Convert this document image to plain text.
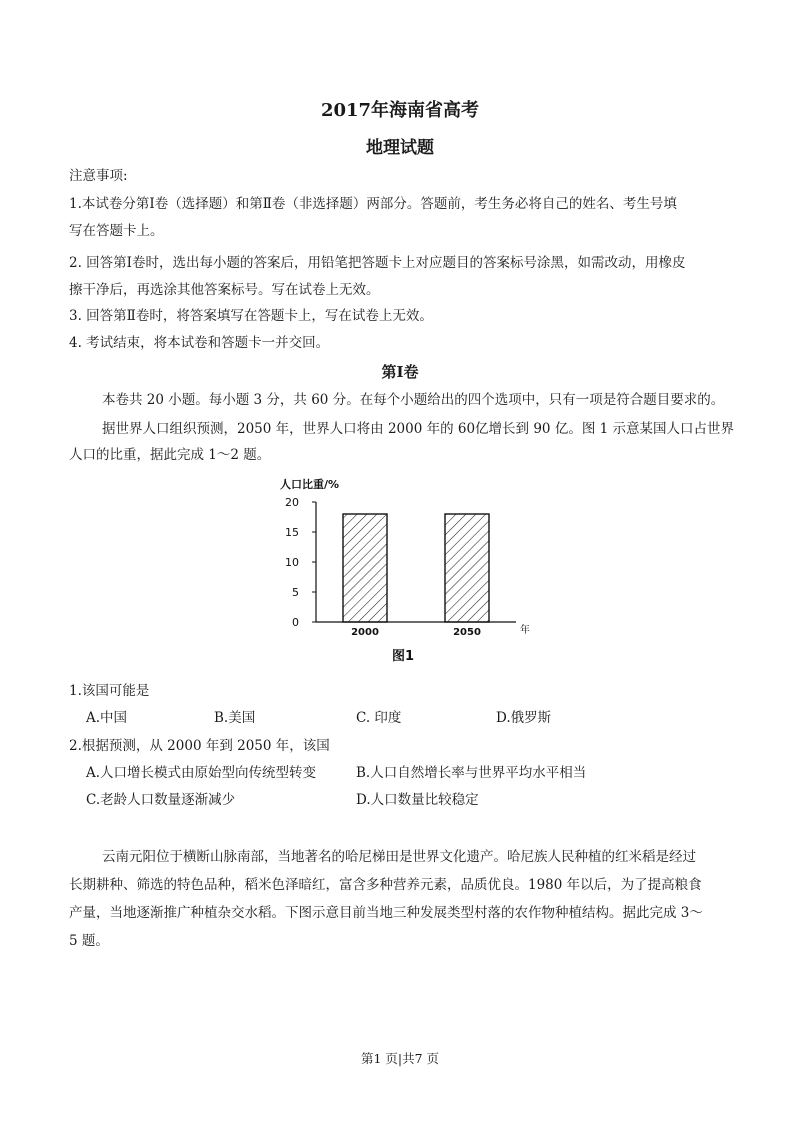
2017年海南省高考
地理试题
注意事项:
1.本试卷分第Ⅰ卷（选择题）和第Ⅱ卷（非选择题）两部分。答题前，考生务必将自己的姓名、考生号填
写在答题卡上。
2. 回答第Ⅰ卷时，选出每小题的答案后，用铅笔把答题卡上对应题目的答案标号涂黑，如需改动，用橡皮
擦干净后，再选涂其他答案标号。写在试卷上无效。
3. 回答第Ⅱ卷时，将答案填写在答题卡上，写在试卷上无效。
4. 考试结束，将本试卷和答题卡一并交回。
第Ⅰ卷
本卷共 20 小题。每小题 3 分，共 60 分。在每个小题给出的四个选项中，只有一项是符合题目要求的。
据世界人口组织预测，2050 年，世界人口将由 2000 年的 60亿增长到 90 亿。图 1 示意某国人口占世界
人口的比重，据此完成 1～2 题。
人口比重/%
0
5
10
15
20
2000	2050	年
图1
1.该国可能是
A.中国	B.美国	C. 印度	D.俄罗斯
2.根据预测，从 2000 年到 2050 年，该国
A.人口增长模式由原始型向传统型转变	B.人口自然增长率与世界平均水平相当
C.老龄人口数量逐渐减少	D.人口数量比较稳定
云南元阳位于横断山脉南部，当地著名的哈尼梯田是世界文化遗产。哈尼族人民种植的红米稻是经过
长期耕种、筛选的特色品种，稻米色泽暗红，富含多种营养元素，品质优良。1980 年以后，为了提高粮食
产量，当地逐渐推广种植杂交水稻。下图示意目前当地三种发展类型村落的农作物种植结构。据此完成 3～
5 题。
第1 页|共7 页
